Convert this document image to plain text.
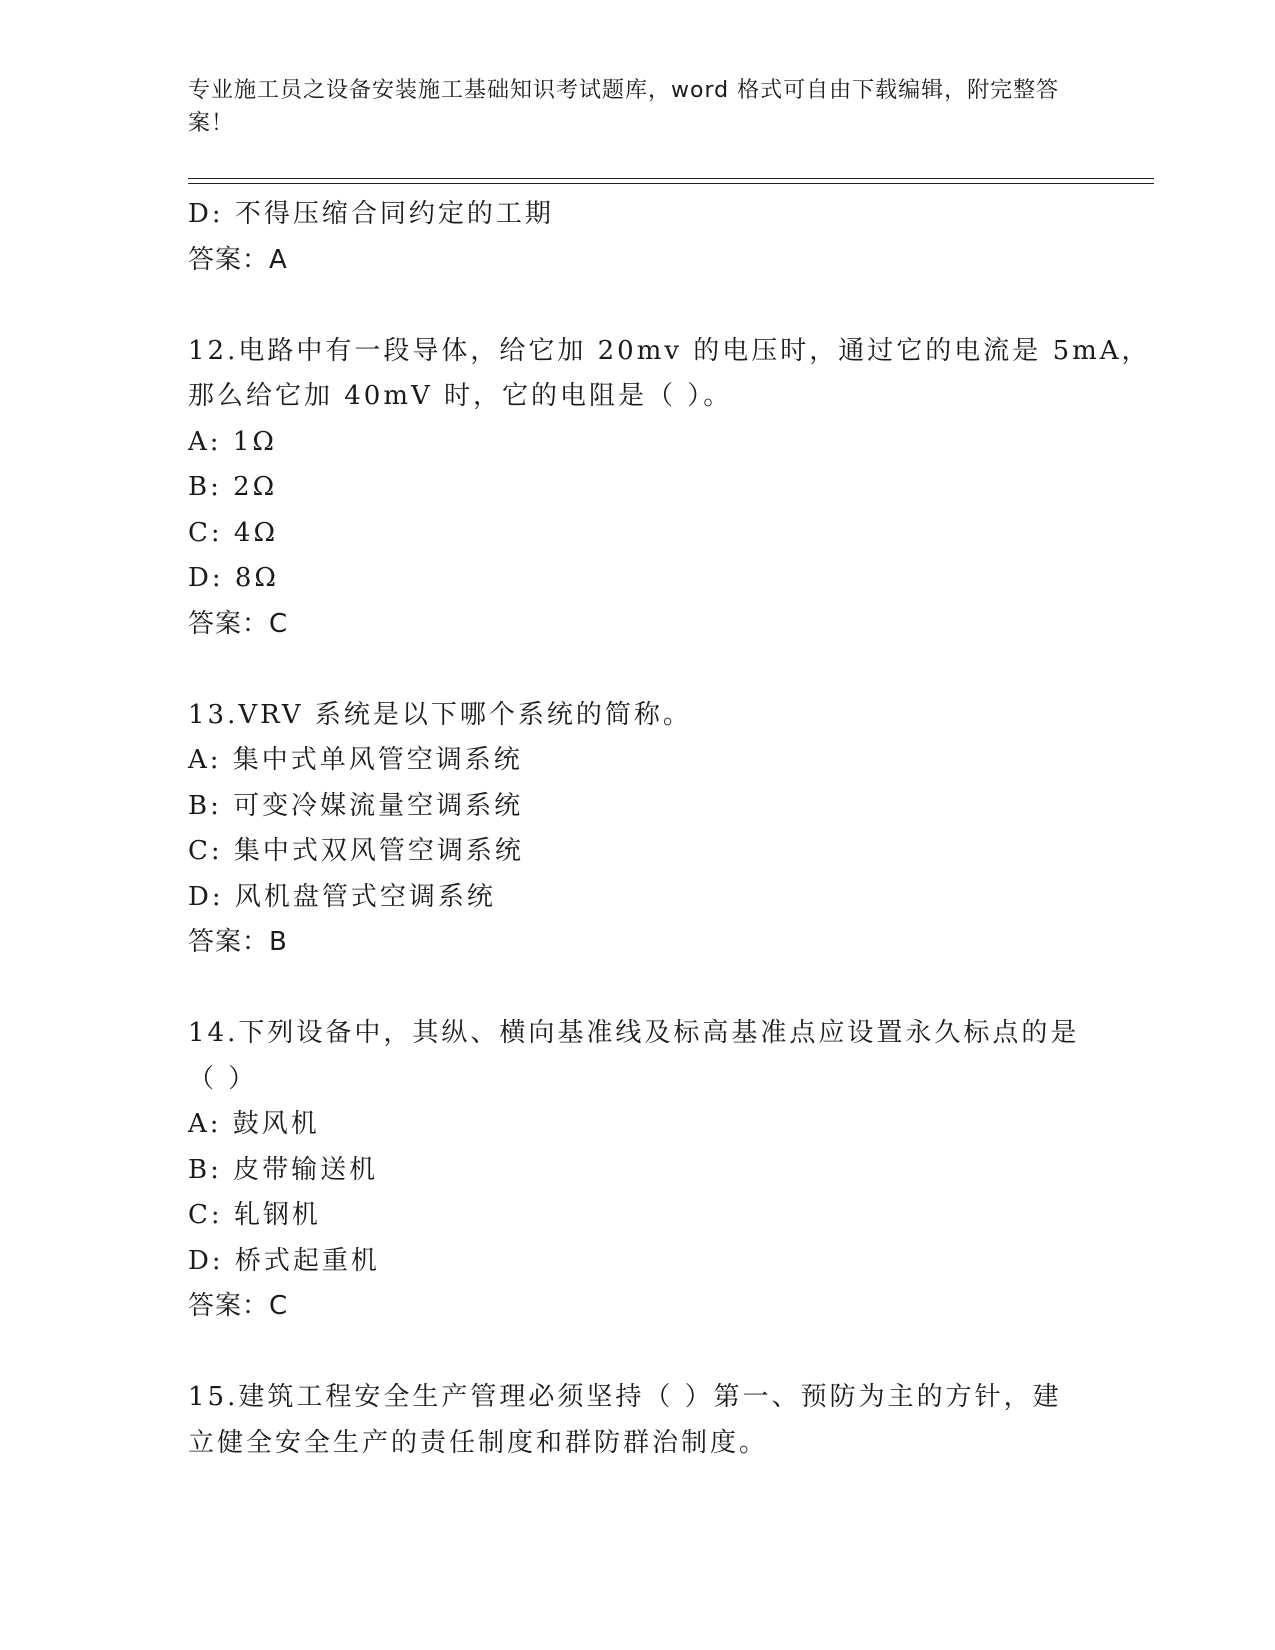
专业施工员之设备安装施工基础知识考试题库，word 格式可自由下载编辑，附完整答案！
D: 不得压缩合同约定的工期
答案：A
12.电路中有一段导体，给它加 20mv 的电压时，通过它的电流是 5mA，
那么给它加 40mV 时，它的电阻是（ ）。
A: 1Ω
B: 2Ω
C: 4Ω
D: 8Ω
答案：C
13.VRV 系统是以下哪个系统的简称。
A: 集中式单风管空调系统
B: 可变冷媒流量空调系统
C: 集中式双风管空调系统
D: 风机盘管式空调系统
答案：B
14.下列设备中，其纵、横向基准线及标高基准点应设置永久标点的是
（ ）
A: 鼓风机
B: 皮带输送机
C: 轧钢机
D: 桥式起重机
答案：C
15.建筑工程安全生产管理必须坚持（ ）第一、预防为主的方针，建
立健全安全生产的责任制度和群防群治制度。
